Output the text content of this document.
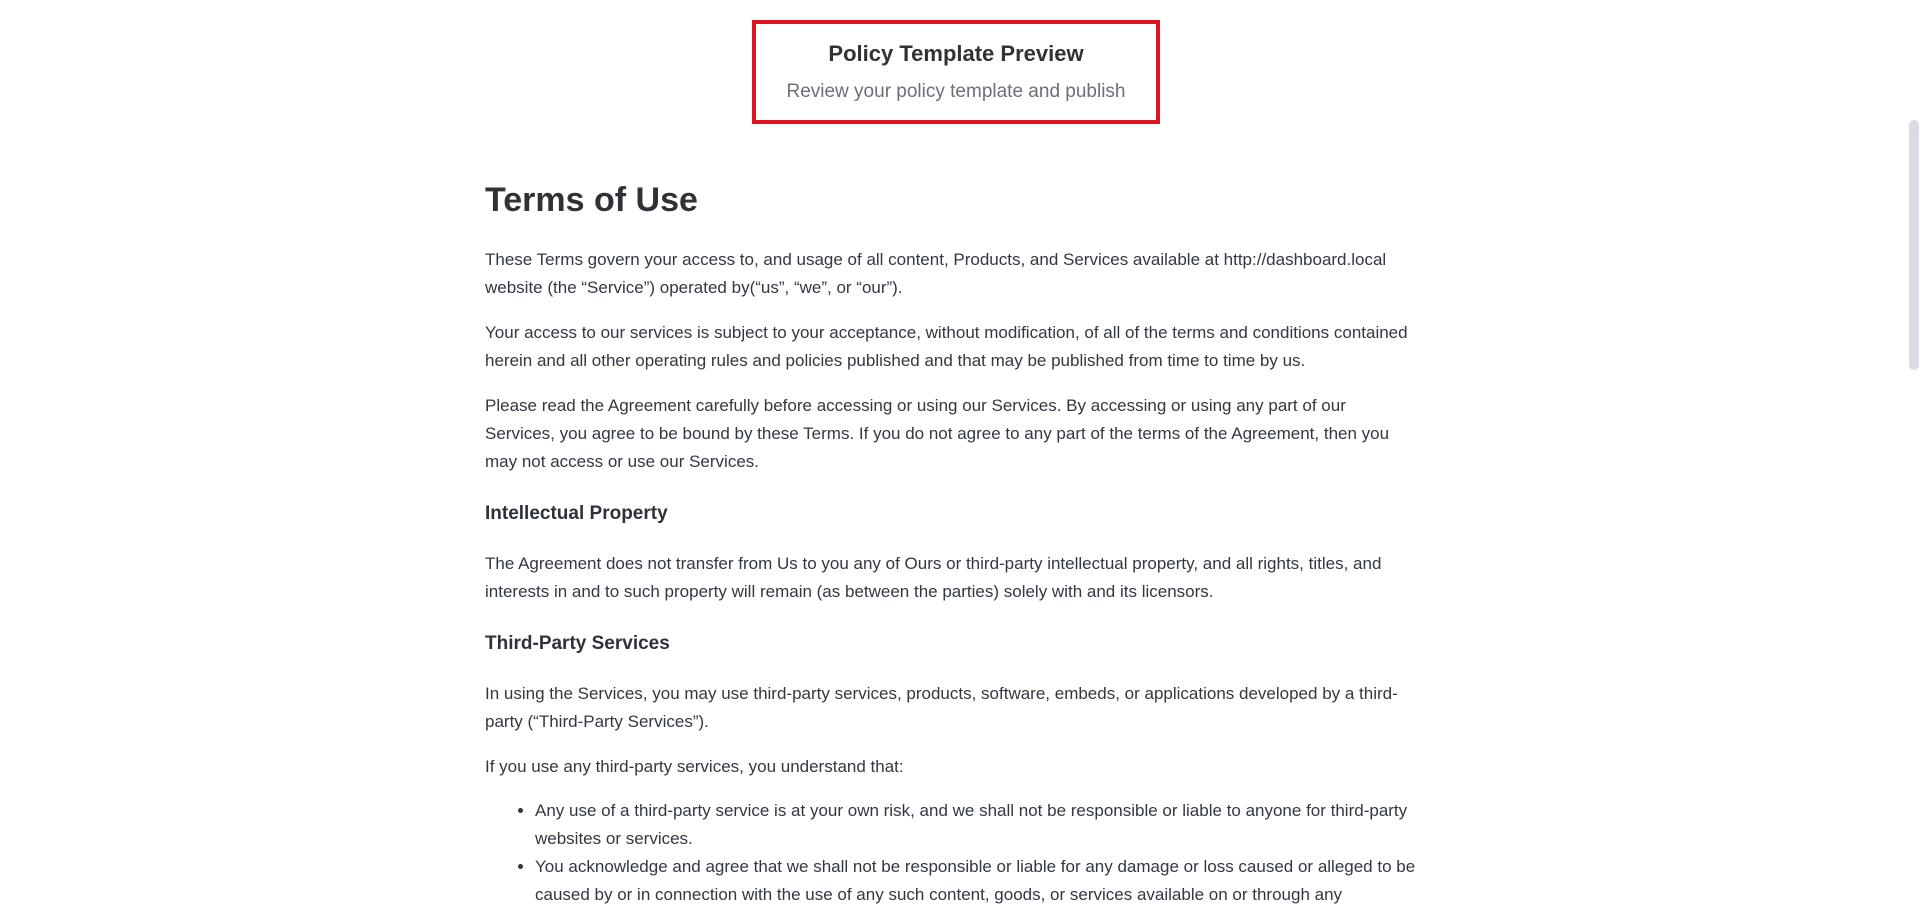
Policy Template Preview
Review your policy template and publish
Terms of Use

These Terms govern your access to, and usage of all content, Products, and Services available at http://dashboard.local website (the “Service”) operated by(“us”, “we”, or “our”).

Your access to our services is subject to your acceptance, without modification, of all of the terms and conditions contained herein and all other operating rules and policies published and that may be published from time to time by us.

Please read the Agreement carefully before accessing or using our Services. By accessing or using any part of our Services, you agree to be bound by these Terms. If you do not agree to any part of the terms of the Agreement, then you may not access or use our Services.

Intellectual Property

The Agreement does not transfer from Us to you any of Ours or third-party intellectual property, and all rights, titles, and interests in and to such property will remain (as between the parties) solely with and its licensors.

Third-Party Services

In using the Services, you may use third-party services, products, software, embeds, or applications developed by a third-party (“Third-Party Services”).

If you use any third-party services, you understand that:

• Any use of a third-party service is at your own risk, and we shall not be responsible or liable to anyone for third-party websites or services.
• You acknowledge and agree that we shall not be responsible or liable for any damage or loss caused or alleged to be caused by or in connection with the use of any such content, goods, or services available on or through any
